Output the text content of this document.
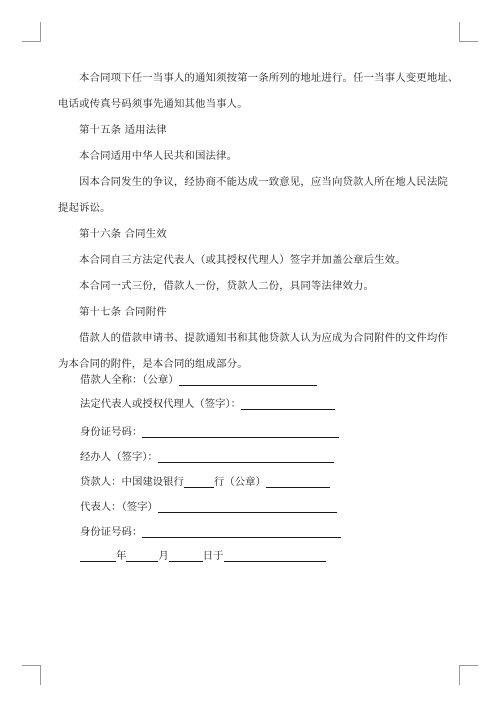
本合同项下任一当事人的通知须按第一条所列的地址进行。任一当事人变更地址、
电话或传真号码须事先通知其他当事人。

第十五条 适用法律

本合同适用中华人民共和国法律。

因本合同发生的争议，经协商不能达成一致意见，应当向贷款人所在地人民法院
提起诉讼。

第十六条 合同生效

本合同自三方法定代表人（或其授权代理人）签字并加盖公章后生效。

本合同一式三份，借款人一份，贷款人二份，具同等法律效力。

第十七条 合同附件

借款人的借款申请书、提款通知书和其他贷款人认为应成为合同附件的文件均作
为本合同的附件，是本合同的组成部分。

借款人全称：（公章）
法定代表人或授权代理人（签字）：
身份证号码：
经办人（签字）：
贷款人：中国建设银行	行（公章）
代表人：（签字）
身份证号码：
年	月	日于
